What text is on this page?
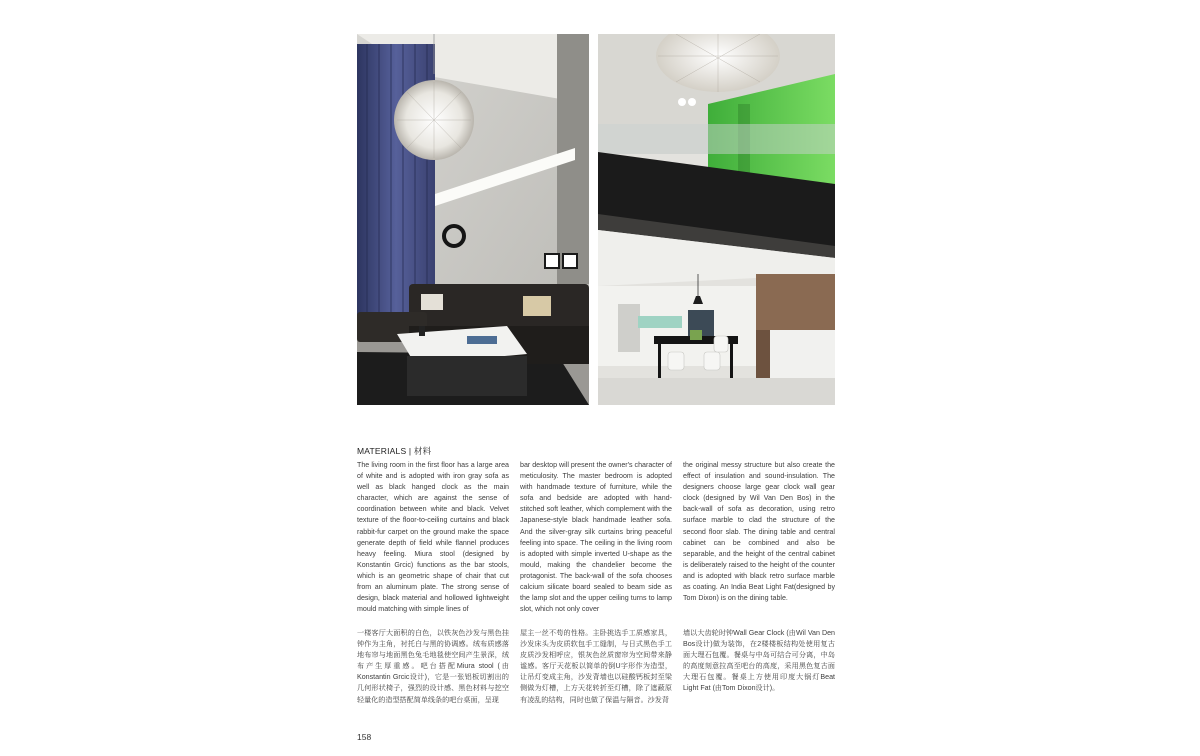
MATERIALS | 材料

The living room in the first floor has a large area of white and is adopted with iron gray sofa as well as black hanged clock as the main character, which are against the sense of coordination between white and black. Velvet texture of the floor-to-ceiling curtains and black rabbit-fur carpet on the ground make the space generate depth of field while flannel produces heavy feeling. Miura stool (designed by Konstantin Grcic) functions as the bar stools, which is an geometric shape of chair that cut from an aluminum plate. The strong sense of design, black material and hollowed lightweight mould matching with simple lines of

bar desktop will present the owner's character of meticulosity. The master bedroom is adopted with handmade texture of furniture, while the sofa and bedside are adopted with hand-stitched soft leather, which complement with the Japanese-style black handmade leather sofa. And the silver-gray silk curtains bring peaceful feeling into space. The ceiling in the living room is adopted with simple inverted U-shape as the mould, making the chandelier become the protagonist. The back-wall of the sofa chooses calcium silicate board sealed to beam side as the lamp slot and the upper ceiling turns to lamp slot, which not only cover

the original messy structure but also create the effect of insulation and sound-insulation. The designers choose large gear clock wall gear clock (designed by Wil Van Den Bos) in the back-wall of sofa as decoration, using retro surface marble to clad the structure of the second floor slab. The dining table and central cabinet can be combined and also be separable, and the height of the central cabinet is deliberately raised to the height of the counter and is adopted with black retro surface marble as coating. An India Beat Light Fat(designed by Tom Dixon) is on the dining table.

一楼客厅大面积的白色，以铁灰色沙发与黑色挂钟作为主角，衬托白与黑的协调感。绒布质感落地布帘与地面黑色兔毛地毯使空间产生景深，绒布产生厚重感。吧台搭配Miura stool (由Konstantin Grcic设计)，它是一张铝板切割出的几何形状椅子，强烈的设计感、黑色材料与挖空轻量化的造型搭配简单线条的吧台桌面，呈现

屋主一丝不苟的性格。主卧挑选手工质感家具，沙发床头为皮质软包手工缝制，与日式黑色手工皮质沙发相呼应，银灰色丝质窗帘为空间带来静谧感。客厅天花板以简单的倒U字形作为造型，让吊灯变成主角，沙发背墙也以硅酸钙板封至梁侧做为灯槽，上方天花转折至灯槽，除了遮蔽原有凌乱的结构，同时也做了保温与隔音。沙发背

墙以大齿轮时钟Wall Gear Clock (由Wil Van Den Bos设计)做为装饰，在2楼楼板结构处使用复古面大理石包覆。餐桌与中岛可结合可分离，中岛的高度刻意拉高至吧台的高度，采用黑色复古面大理石包覆。餐桌上方使用印度大锅灯Beat Light Fat (由Tom Dixon设计)。

158
